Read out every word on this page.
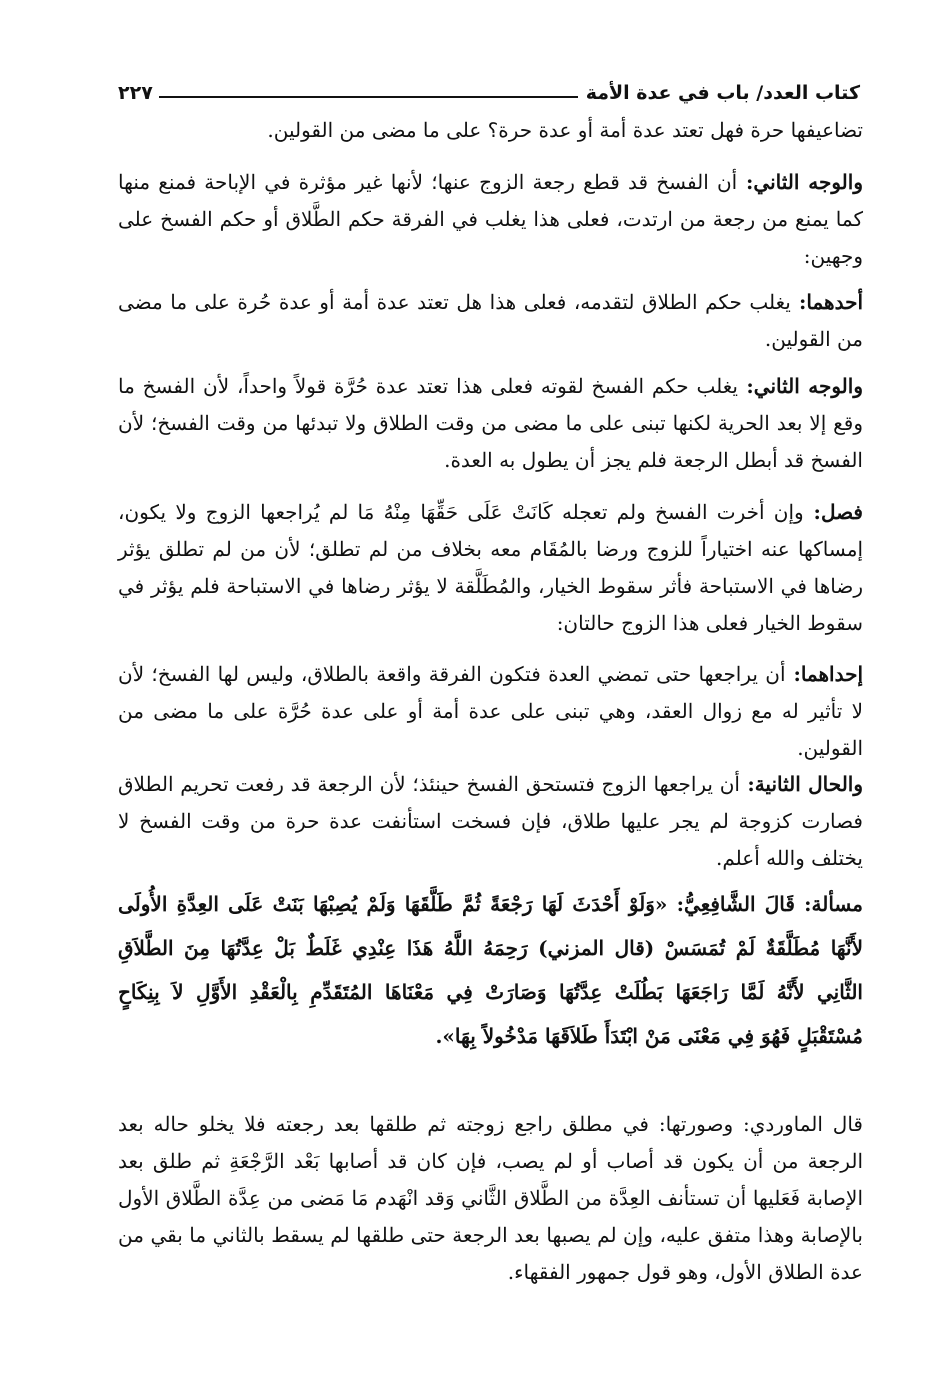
كتاب العدد/ باب في عدة الأمة
٢٢٧

تضاعيفها حرة فهل تعتد عدة أمة أو عدة حرة؟ على ما مضى من القولين.

والوجه الثاني: أن الفسخ قد قطع رجعة الزوج عنها؛ لأنها غير مؤثرة في الإباحة فمنع منها كما يمنع من رجعة من ارتدت، فعلى هذا يغلب في الفرقة حكم الطَّلاق أو حكم الفسخ على وجهين:

أحدهما: يغلب حكم الطلاق لتقدمه، فعلى هذا هل تعتد عدة أمة أو عدة حُرة على ما مضى من القولين.

والوجه الثاني: يغلب حكم الفسخ لقوته فعلى هذا تعتد عدة حُرَّة قولاً واحداً، لأن الفسخ ما وقع إلا بعد الحرية لكنها تبنى على ما مضى من وقت الطلاق ولا تبدئها من وقت الفسخ؛ لأن الفسخ قد أبطل الرجعة فلم يجز أن يطول به العدة.

فصل: وإن أخرت الفسخ ولم تعجله كَانَتْ عَلَى حَقِّهَا مِنْهُ مَا لم يُراجعها الزوج ولا يكون، إمساكها عنه اختياراً للزوج ورضا بالمُقَام معه بخلاف من لم تطلق؛ لأن من لم تطلق يؤثر رضاها في الاستباحة فأثر سقوط الخيار، والمُطَلَّقة لا يؤثر رضاها في الاستباحة فلم يؤثر في سقوط الخيار فعلى هذا الزوج حالتان:

إحداهما: أن يراجعها حتى تمضي العدة فتكون الفرقة واقعة بالطلاق، وليس لها الفسخ؛ لأن لا تأثير له مع زوال العقد، وهي تبنى على عدة أمة أو على عدة حُرَّة على ما مضى من القولين.

والحال الثانية: أن يراجعها الزوج فتستحق الفسخ حينئذ؛ لأن الرجعة قد رفعت تحريم الطلاق فصارت كزوجة لم يجر عليها طلاق، فإن فسخت استأنفت عدة حرة من وقت الفسخ لا يختلف والله أعلم.

مسألة: قَالَ الشَّافِعِيُّ: «وَلَوْ أَحْدَثَ لَهَا رَجْعَةً ثُمَّ طَلَّقَهَا وَلَمْ يُصِبْهَا بَنَتْ عَلَى العِدَّةِ الأُولَى لأَنَّهَا مُطَلَّقَةٌ لَمْ تُمَسَسْ (قال المزني) رَحِمَهُ اللَّهُ هَذَا عِنْدِي غَلَطٌ بَلْ عِدَّتُهَا مِنَ الطَّلاَقِ الثَّانِي لأَنَّهُ لَمَّا رَاجَعَهَا بَطُلَتْ عِدَّتُهَا وَصَارَتْ فِي مَعْنَاهَا المُتَقَدِّمِ بِالْعَقْدِ الأَوَّلِ لاَ بِنِكَاحٍ مُسْتَقْبَلٍ فَهُوَ فِي مَعْنَى مَنْ ابْتَدَأَ طَلاَقَهَا مَدْخُولاً بِهَا».

قال الماوردي: وصورتها: في مطلق راجع زوجته ثم طلقها بعد رجعته فلا يخلو حاله بعد الرجعة من أن يكون قد أصاب أو لم يصب، فإن كان قد أصابها بَعْد الرَّجْعَةِ ثم طلق بعد الإصابة فَعَليها أن تستأنف العِدَّة من الطَّلاق الثَّاني وَقد انْهَدم مَا مَضى من عِدَّة الطَّلاق الأول بالإصابة وهذا متفق عليه، وإن لم يصبها بعد الرجعة حتى طلقها لم يسقط بالثاني ما بقي من عدة الطلاق الأول، وهو قول جمهور الفقهاء.
